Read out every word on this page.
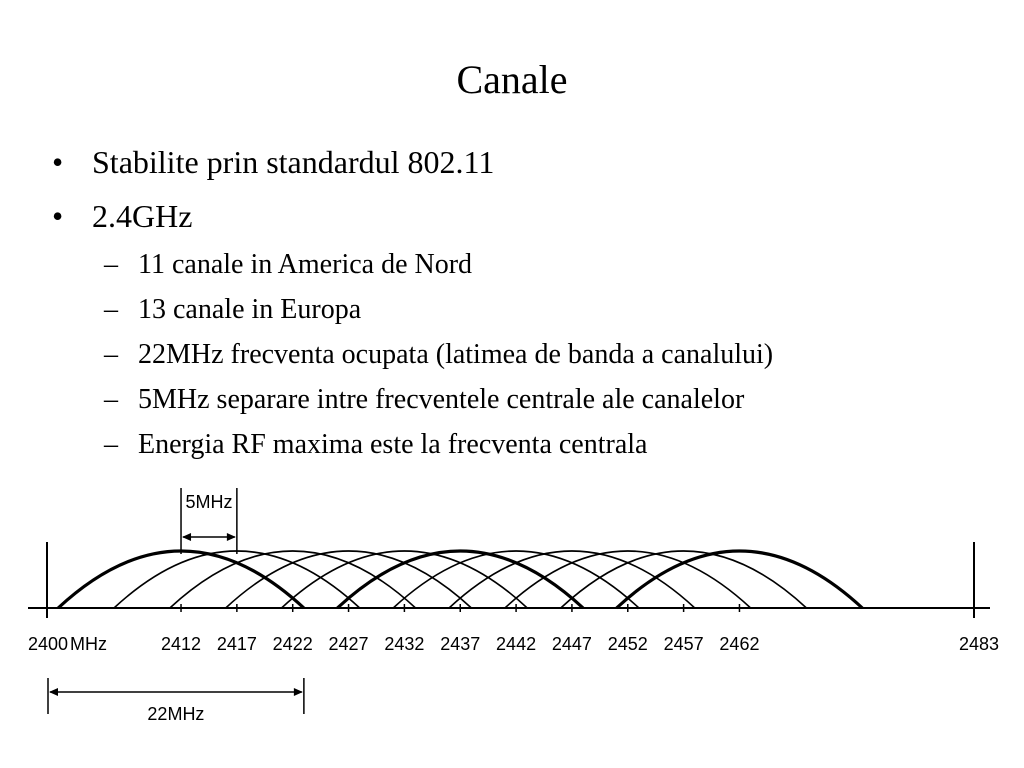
Canale
• Stabilite prin standardul 802.11
• 2.4GHz
– 11 canale in America de Nord
– 13 canale in Europa
– 22MHz frecventa ocupata (latimea de banda a canalului)
– 5MHz separare intre frecventele centrale ale canalelor
– Energia RF maxima este la frecventa centrala
2400	2412 2417 2422 2427 2432 2437 2442 2447 2452 2457 2462	2483
MHz
5MHz
22MHz
